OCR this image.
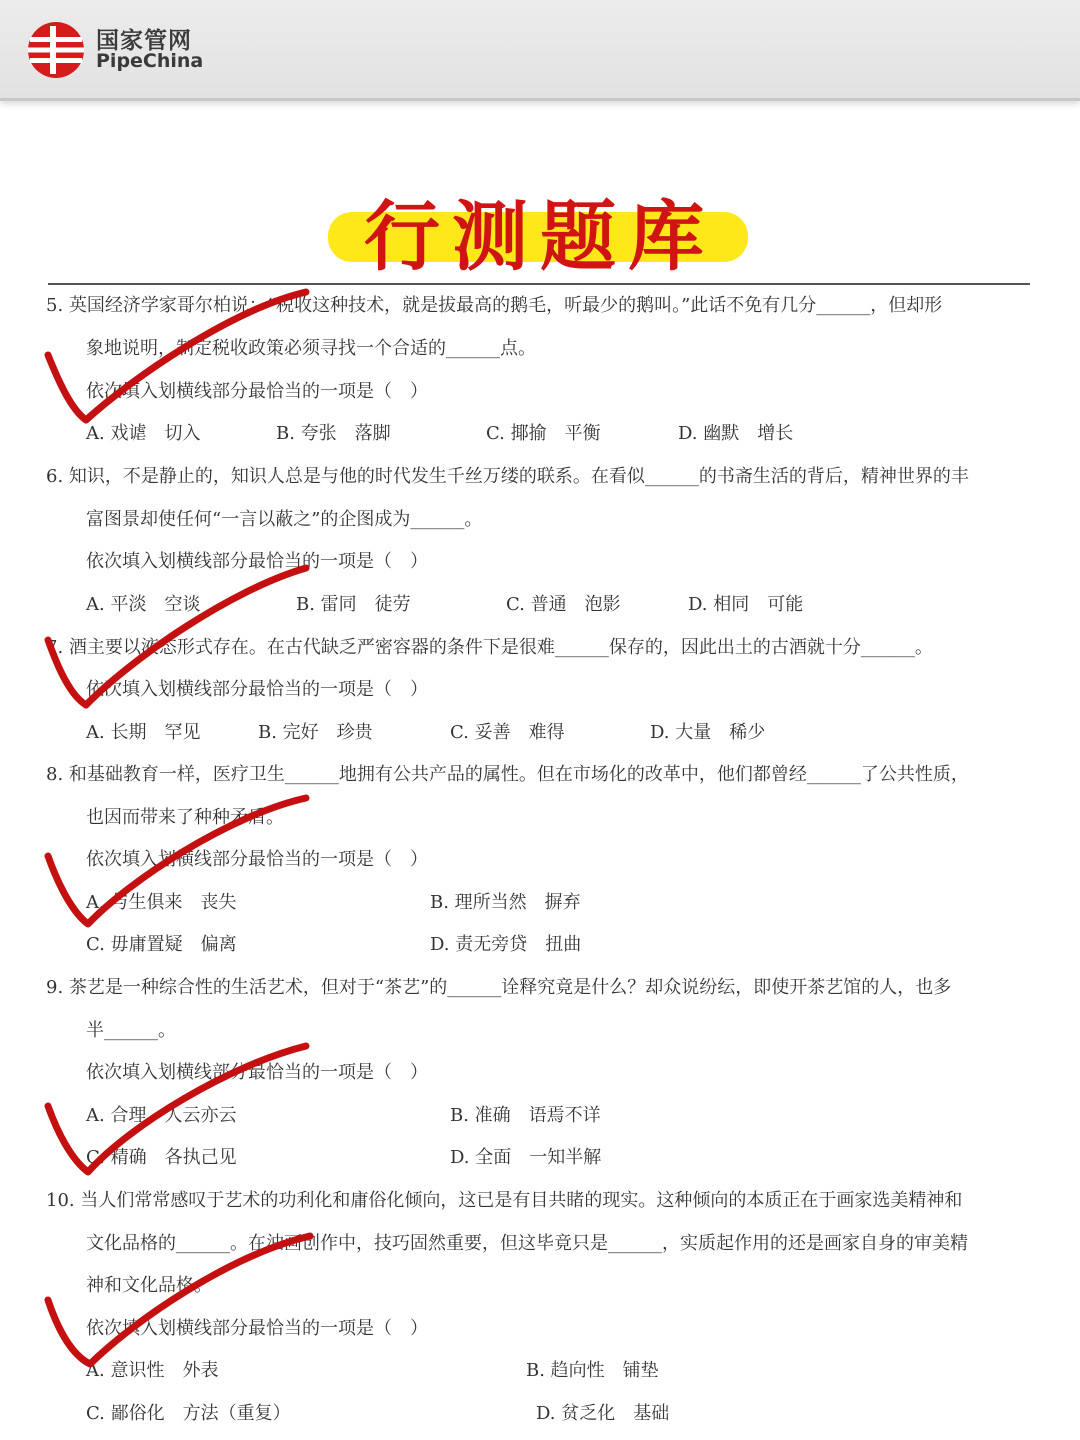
国家管网
PipeChina
行测题库
5. 英国经济学家哥尔柏说：“税收这种技术，就是拔最高的鹅毛，听最少的鹅叫。”此话不免有几分______，但却形
象地说明，制定税收政策必须寻找一个合适的______点。
依次填入划横线部分最恰当的一项是（　）
A. 戏谑　切入	B. 夸张　落脚	C. 揶揄　平衡	D. 幽默　增长
6. 知识，不是静止的，知识人总是与他的时代发生千丝万缕的联系。在看似______的书斋生活的背后，精神世界的丰
富图景却使任何“一言以蔽之”的企图成为______。
依次填入划横线部分最恰当的一项是（　）
A. 平淡　空谈	B. 雷同　徒劳	C. 普通　泡影	D. 相同　可能
7. 酒主要以液态形式存在。在古代缺乏严密容器的条件下是很难______保存的，因此出土的古酒就十分______。
依次填入划横线部分最恰当的一项是（　）
A. 长期　罕见	B. 完好　珍贵	C. 妥善　难得	D. 大量　稀少
8. 和基础教育一样，医疗卫生______地拥有公共产品的属性。但在市场化的改革中，他们都曾经______了公共性质，
也因而带来了种种矛盾。
依次填入划横线部分最恰当的一项是（　）
A. 与生俱来　丧失	B. 理所当然　摒弃
C. 毋庸置疑　偏离	D. 责无旁贷　扭曲
9. 茶艺是一种综合性的生活艺术，但对于“茶艺”的______诠释究竟是什么？却众说纷纭，即使开茶艺馆的人，也多
半______。
依次填入划横线部分最恰当的一项是（　）
A. 合理　人云亦云	B. 准确　语焉不详
C. 精确　各执己见	D. 全面　一知半解
10. 当人们常常感叹于艺术的功利化和庸俗化倾向，这已是有目共睹的现实。这种倾向的本质正在于画家选美精神和
文化品格的______。在油画创作中，技巧固然重要，但这毕竟只是______，实质起作用的还是画家自身的审美精
神和文化品格。
依次填入划横线部分最恰当的一项是（　）
A. 意识性　外表	B. 趋向性　铺垫
C. 鄙俗化　方法（重复）	D. 贫乏化　基础
